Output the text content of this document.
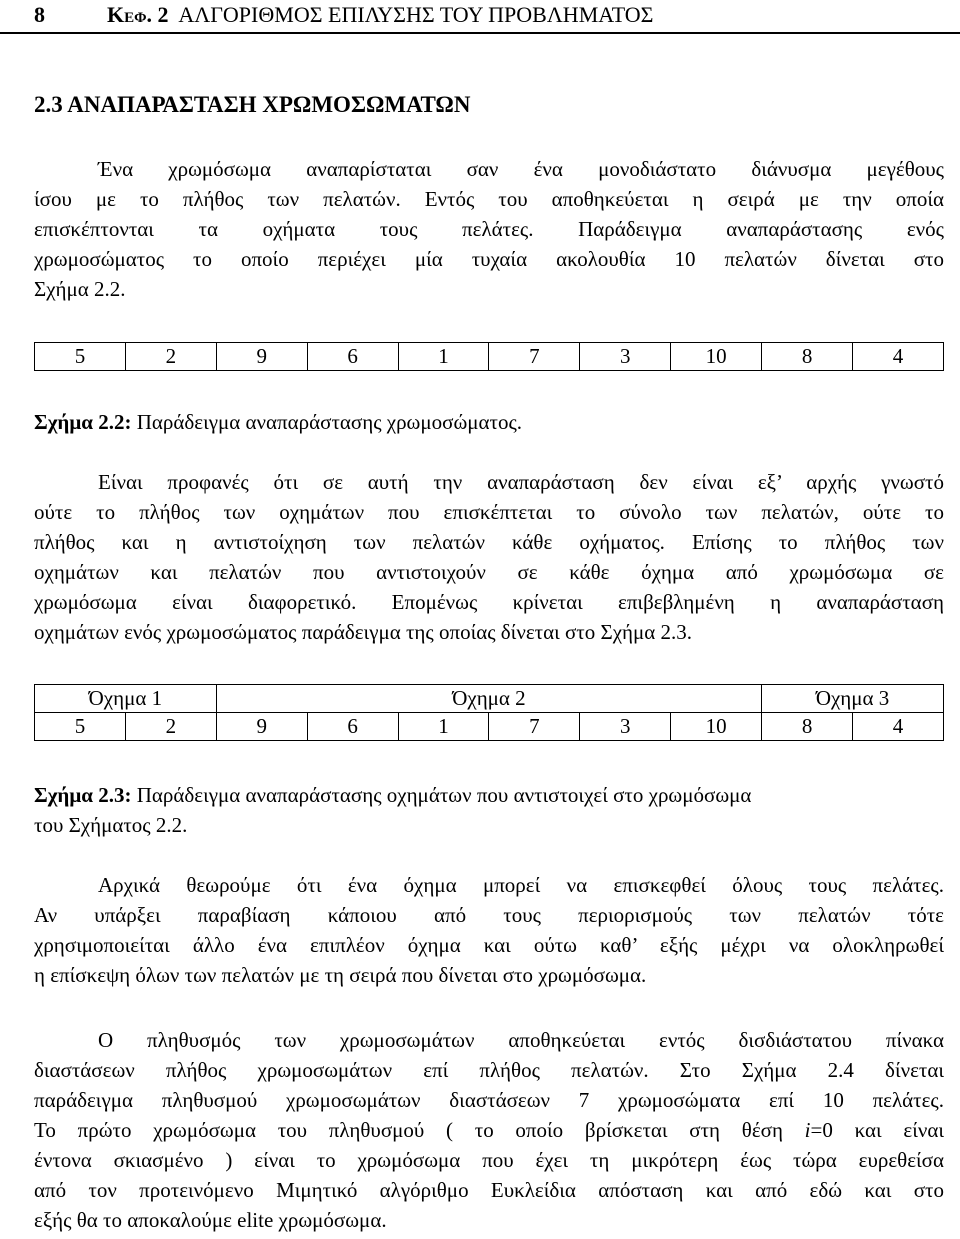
8	Κεφ. 2 ΑΛΓΟΡΙΘΜΟΣ ΕΠΙΛΥΣΗΣ ΤΟΥ ΠΡΟΒΛΗΜΑΤΟΣ
2.3 ΑΝΑΠΑΡΑΣΤΑΣΗ ΧΡΩΜΟΣΩΜΑΤΩΝ
Ένα χρωμόσωμα αναπαρίσταται σαν ένα μονοδιάστατο διάνυσμα μεγέθους
ίσου με το πλήθος των πελατών. Εντός του αποθηκεύεται η σειρά με την οποία
επισκέπτονται τα οχήματα τους πελάτες. Παράδειγμα αναπαράστασης ενός
χρωμοσώματος το οποίο περιέχει μία τυχαία ακολουθία 10 πελατών δίνεται στο
Σχήμα 2.2.
5	2	9	6	1	7	3	10	8	4
Σχήμα 2.2: Παράδειγμα αναπαράστασης χρωμοσώματος.
Είναι προφανές ότι σε αυτή την αναπαράσταση δεν είναι εξ’ αρχής γνωστό
ούτε το πλήθος των οχημάτων που επισκέπτεται το σύνολο των πελατών, ούτε το
πλήθος και η αντιστοίχηση των πελατών κάθε οχήματος. Επίσης το πλήθος των
οχημάτων και πελατών που αντιστοιχούν σε κάθε όχημα από χρωμόσωμα σε
χρωμόσωμα είναι διαφορετικό. Επομένως κρίνεται επιβεβλημένη η αναπαράσταση
οχημάτων ενός χρωμοσώματος παράδειγμα της οποίας δίνεται στο Σχήμα 2.3.
Όχημα 1		Όχημα 2						Όχημα 3	
5	2	9	6	1	7	3	10	8	4
Σχήμα 2.3: Παράδειγμα αναπαράστασης οχημάτων που αντιστοιχεί στο χρωμόσωμα
του Σχήματος 2.2.
Αρχικά θεωρούμε ότι ένα όχημα μπορεί να επισκεφθεί όλους τους πελάτες.
Αν υπάρξει παραβίαση κάποιου από τους περιορισμούς των πελατών τότε
χρησιμοποιείται άλλο ένα επιπλέον όχημα και ούτω καθ’ εξής μέχρι να ολοκληρωθεί
η επίσκεψη όλων των πελατών με τη σειρά που δίνεται στο χρωμόσωμα.
Ο πληθυσμός των χρωμοσωμάτων αποθηκεύεται εντός δισδιάστατου πίνακα
διαστάσεων πλήθος χρωμοσωμάτων επί πλήθος πελατών. Στο Σχήμα 2.4 δίνεται
παράδειγμα πληθυσμού χρωμοσωμάτων διαστάσεων 7 χρωμοσώματα επί 10 πελάτες.
Το πρώτο χρωμόσωμα του πληθυσμού ( το οποίο βρίσκεται στη θέση i=0 και είναι
έντονα σκιασμένο ) είναι το χρωμόσωμα που έχει τη μικρότερη έως τώρα ευρεθείσα
από τον προτεινόμενο Μιμητικό αλγόριθμο Ευκλείδια απόσταση και από εδώ και στο
εξής θα το αποκαλούμε elite χρωμόσωμα.
